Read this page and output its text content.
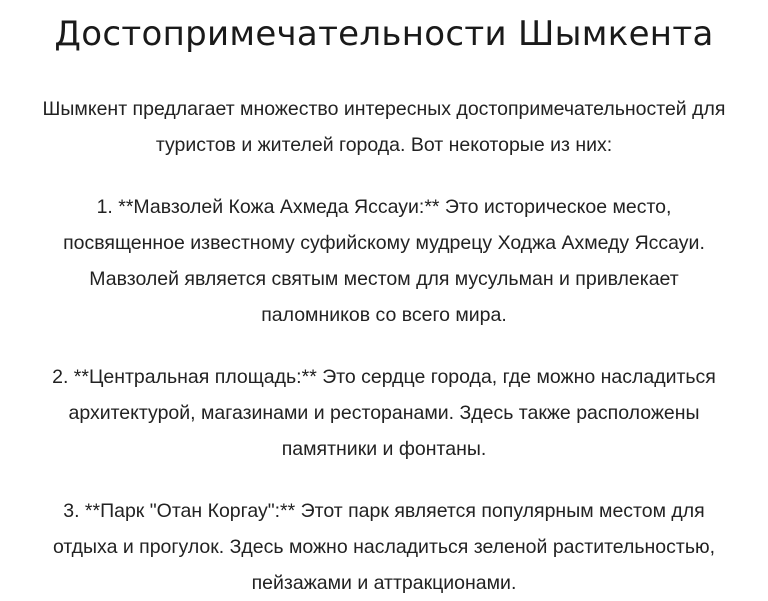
Достопримечательности Шымкента

Шымкент предлагает множество интересных достопримечательностей для
туристов и жителей города. Вот некоторые из них:

1. **Мавзолей Кожа Ахмеда Яссауи:** Это историческое место,
посвященное известному суфийскому мудрецу Ходжа Ахмеду Яссауи.
Мавзолей является святым местом для мусульман и привлекает
паломников со всего мира.

2. **Центральная площадь:** Это сердце города, где можно насладиться
архитектурой, магазинами и ресторанами. Здесь также расположены
памятники и фонтаны.

3. **Парк "Отан Коргау":** Этот парк является популярным местом для
отдыха и прогулок. Здесь можно насладиться зеленой растительностью,
пейзажами и аттракционами.
